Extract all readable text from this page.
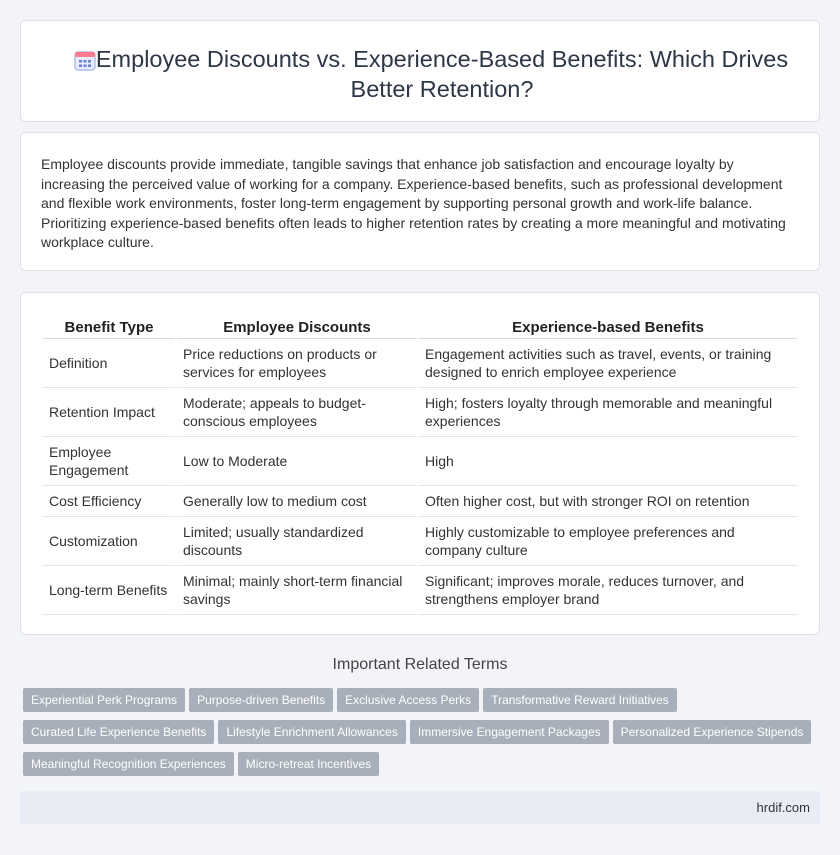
Employee Discounts vs. Experience-Based Benefits: Which Drives Better Retention?

Employee discounts provide immediate, tangible savings that enhance job satisfaction and encourage loyalty by increasing the perceived value of working for a company. Experience-based benefits, such as professional development and flexible work environments, foster long-term engagement by supporting personal growth and work-life balance. Prioritizing experience-based benefits often leads to higher retention rates by creating a more meaningful and motivating workplace culture.

Benefit Type	Employee Discounts	Experience-based Benefits
Definition	Price reductions on products or services for employees	Engagement activities such as travel, events, or training designed to enrich employee experience
Retention Impact	Moderate; appeals to budget-conscious employees	High; fosters loyalty through memorable and meaningful experiences
Employee Engagement	Low to Moderate	High
Cost Efficiency	Generally low to medium cost	Often higher cost, but with stronger ROI on retention
Customization	Limited; usually standardized discounts	Highly customizable to employee preferences and company culture
Long-term Benefits	Minimal; mainly short-term financial savings	Significant; improves morale, reduces turnover, and strengthens employer brand
Important Related Terms
Experiential Perk Programs Purpose-driven Benefits Exclusive Access Perks Transformative Reward Initiatives
Curated Life Experience Benefits Lifestyle Enrichment Allowances Immersive Engagement Packages Personalized Experience Stipends
Meaningful Recognition Experiences Micro-retreat Incentives
hrdif.com
